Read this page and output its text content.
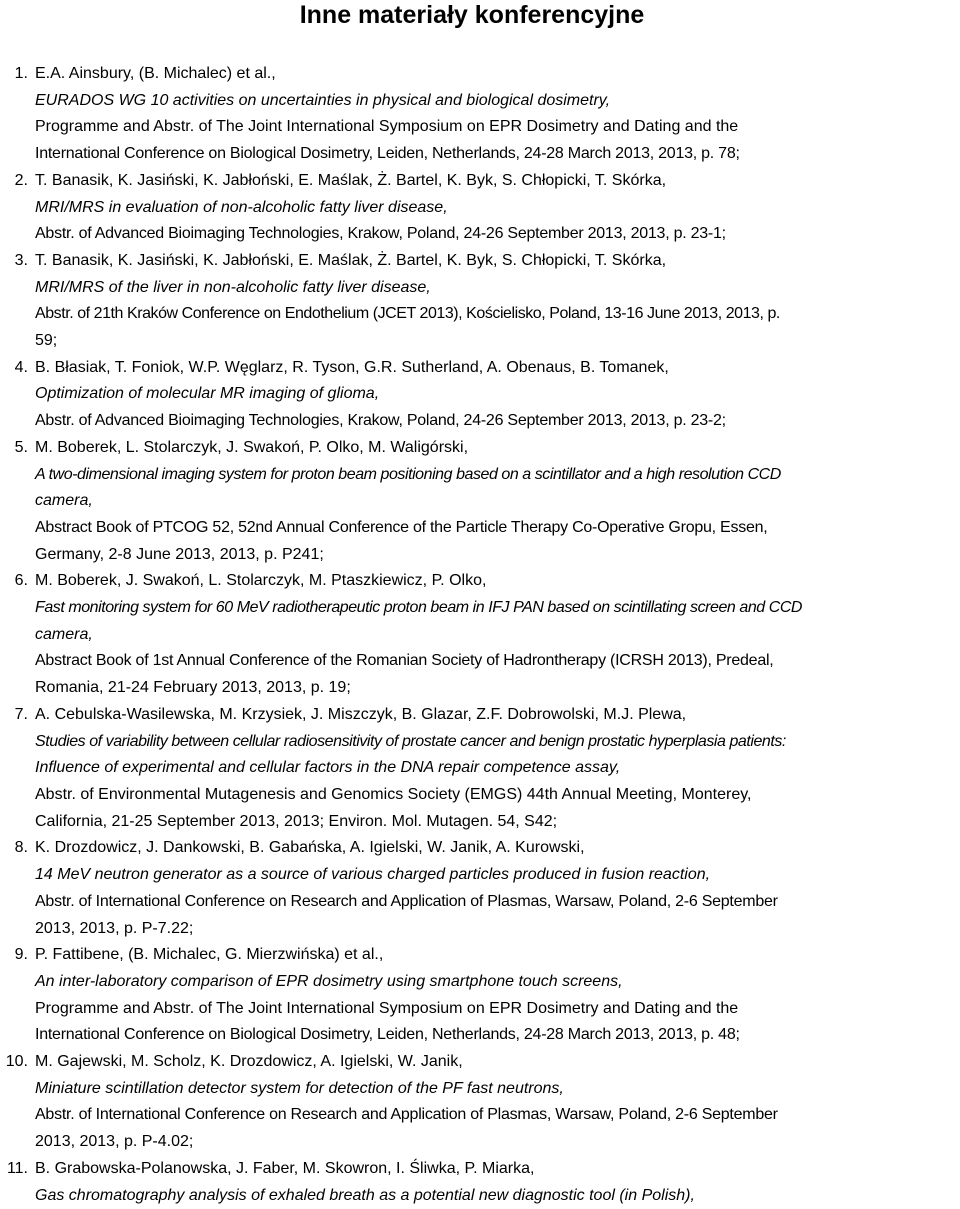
Inne materiały konferencyjne
1. E.A. Ainsbury, (B. Michalec) et al.,
EURADOS WG 10 activities on uncertainties in physical and biological dosimetry,
Programme and Abstr. of The Joint International Symposium on EPR Dosimetry and Dating and the
International Conference on Biological Dosimetry, Leiden, Netherlands, 24-28 March 2013, 2013, p. 78;
2. T. Banasik, K. Jasiński, K. Jabłoński, E. Maślak, Ż. Bartel, K. Byk, S. Chłopicki, T. Skórka,
MRI/MRS in evaluation of non-alcoholic fatty liver disease,
Abstr. of Advanced Bioimaging Technologies, Krakow, Poland, 24-26 September 2013, 2013, p. 23-1;
3. T. Banasik, K. Jasiński, K. Jabłoński, E. Maślak, Ż. Bartel, K. Byk, S. Chłopicki, T. Skórka,
MRI/MRS of the liver in non-alcoholic fatty liver disease,
Abstr. of 21th Kraków Conference on Endothelium (JCET 2013), Kościelisko, Poland, 13-16 June 2013, 2013, p.
59;
4. B. Błasiak, T. Foniok, W.P. Węglarz, R. Tyson, G.R. Sutherland, A. Obenaus, B. Tomanek,
Optimization of molecular MR imaging of glioma,
Abstr. of Advanced Bioimaging Technologies, Krakow, Poland, 24-26 September 2013, 2013, p. 23-2;
5. M. Boberek, L. Stolarczyk, J. Swakoń, P. Olko, M. Waligórski,
A two-dimensional imaging system for proton beam positioning based on a scintillator and a high resolution CCD
camera,
Abstract Book of PTCOG 52, 52nd Annual Conference of the Particle Therapy Co-Operative Gropu, Essen,
Germany, 2-8 June 2013, 2013, p. P241;
6. M. Boberek, J. Swakoń, L. Stolarczyk, M. Ptaszkiewicz, P. Olko,
Fast monitoring system for 60 MeV radiotherapeutic proton beam in IFJ PAN based on scintillating screen and CCD
camera,
Abstract Book of 1st Annual Conference of the Romanian Society of Hadrontherapy (ICRSH 2013), Predeal,
Romania, 21-24 February 2013, 2013, p. 19;
7. A. Cebulska-Wasilewska, M. Krzysiek, J. Miszczyk, B. Glazar, Z.F. Dobrowolski, M.J. Plewa,
Studies of variability between cellular radiosensitivity of prostate cancer and benign prostatic hyperplasia patients:
Influence of experimental and cellular factors in the DNA repair competence assay,
Abstr. of Environmental Mutagenesis and Genomics Society (EMGS) 44th Annual Meeting, Monterey,
California, 21-25 September 2013, 2013; Environ. Mol. Mutagen. 54, S42;
8. K. Drozdowicz, J. Dankowski, B. Gabańska, A. Igielski, W. Janik, A. Kurowski,
14 MeV neutron generator as a source of various charged particles produced in fusion reaction,
Abstr. of International Conference on Research and Application of Plasmas, Warsaw, Poland, 2-6 September
2013, 2013, p. P-7.22;
9. P. Fattibene, (B. Michalec, G. Mierzwińska) et al.,
An inter-laboratory comparison of EPR dosimetry using smartphone touch screens,
Programme and Abstr. of The Joint International Symposium on EPR Dosimetry and Dating and the
International Conference on Biological Dosimetry, Leiden, Netherlands, 24-28 March 2013, 2013, p. 48;
10. M. Gajewski, M. Scholz, K. Drozdowicz, A. Igielski, W. Janik,
Miniature scintillation detector system for detection of the PF fast neutrons,
Abstr. of International Conference on Research and Application of Plasmas, Warsaw, Poland, 2-6 September
2013, 2013, p. P-4.02;
11. B. Grabowska-Polanowska, J. Faber, M. Skowron, I. Śliwka, P. Miarka,
Gas chromatography analysis of exhaled breath as a potential new diagnostic tool (in Polish),
